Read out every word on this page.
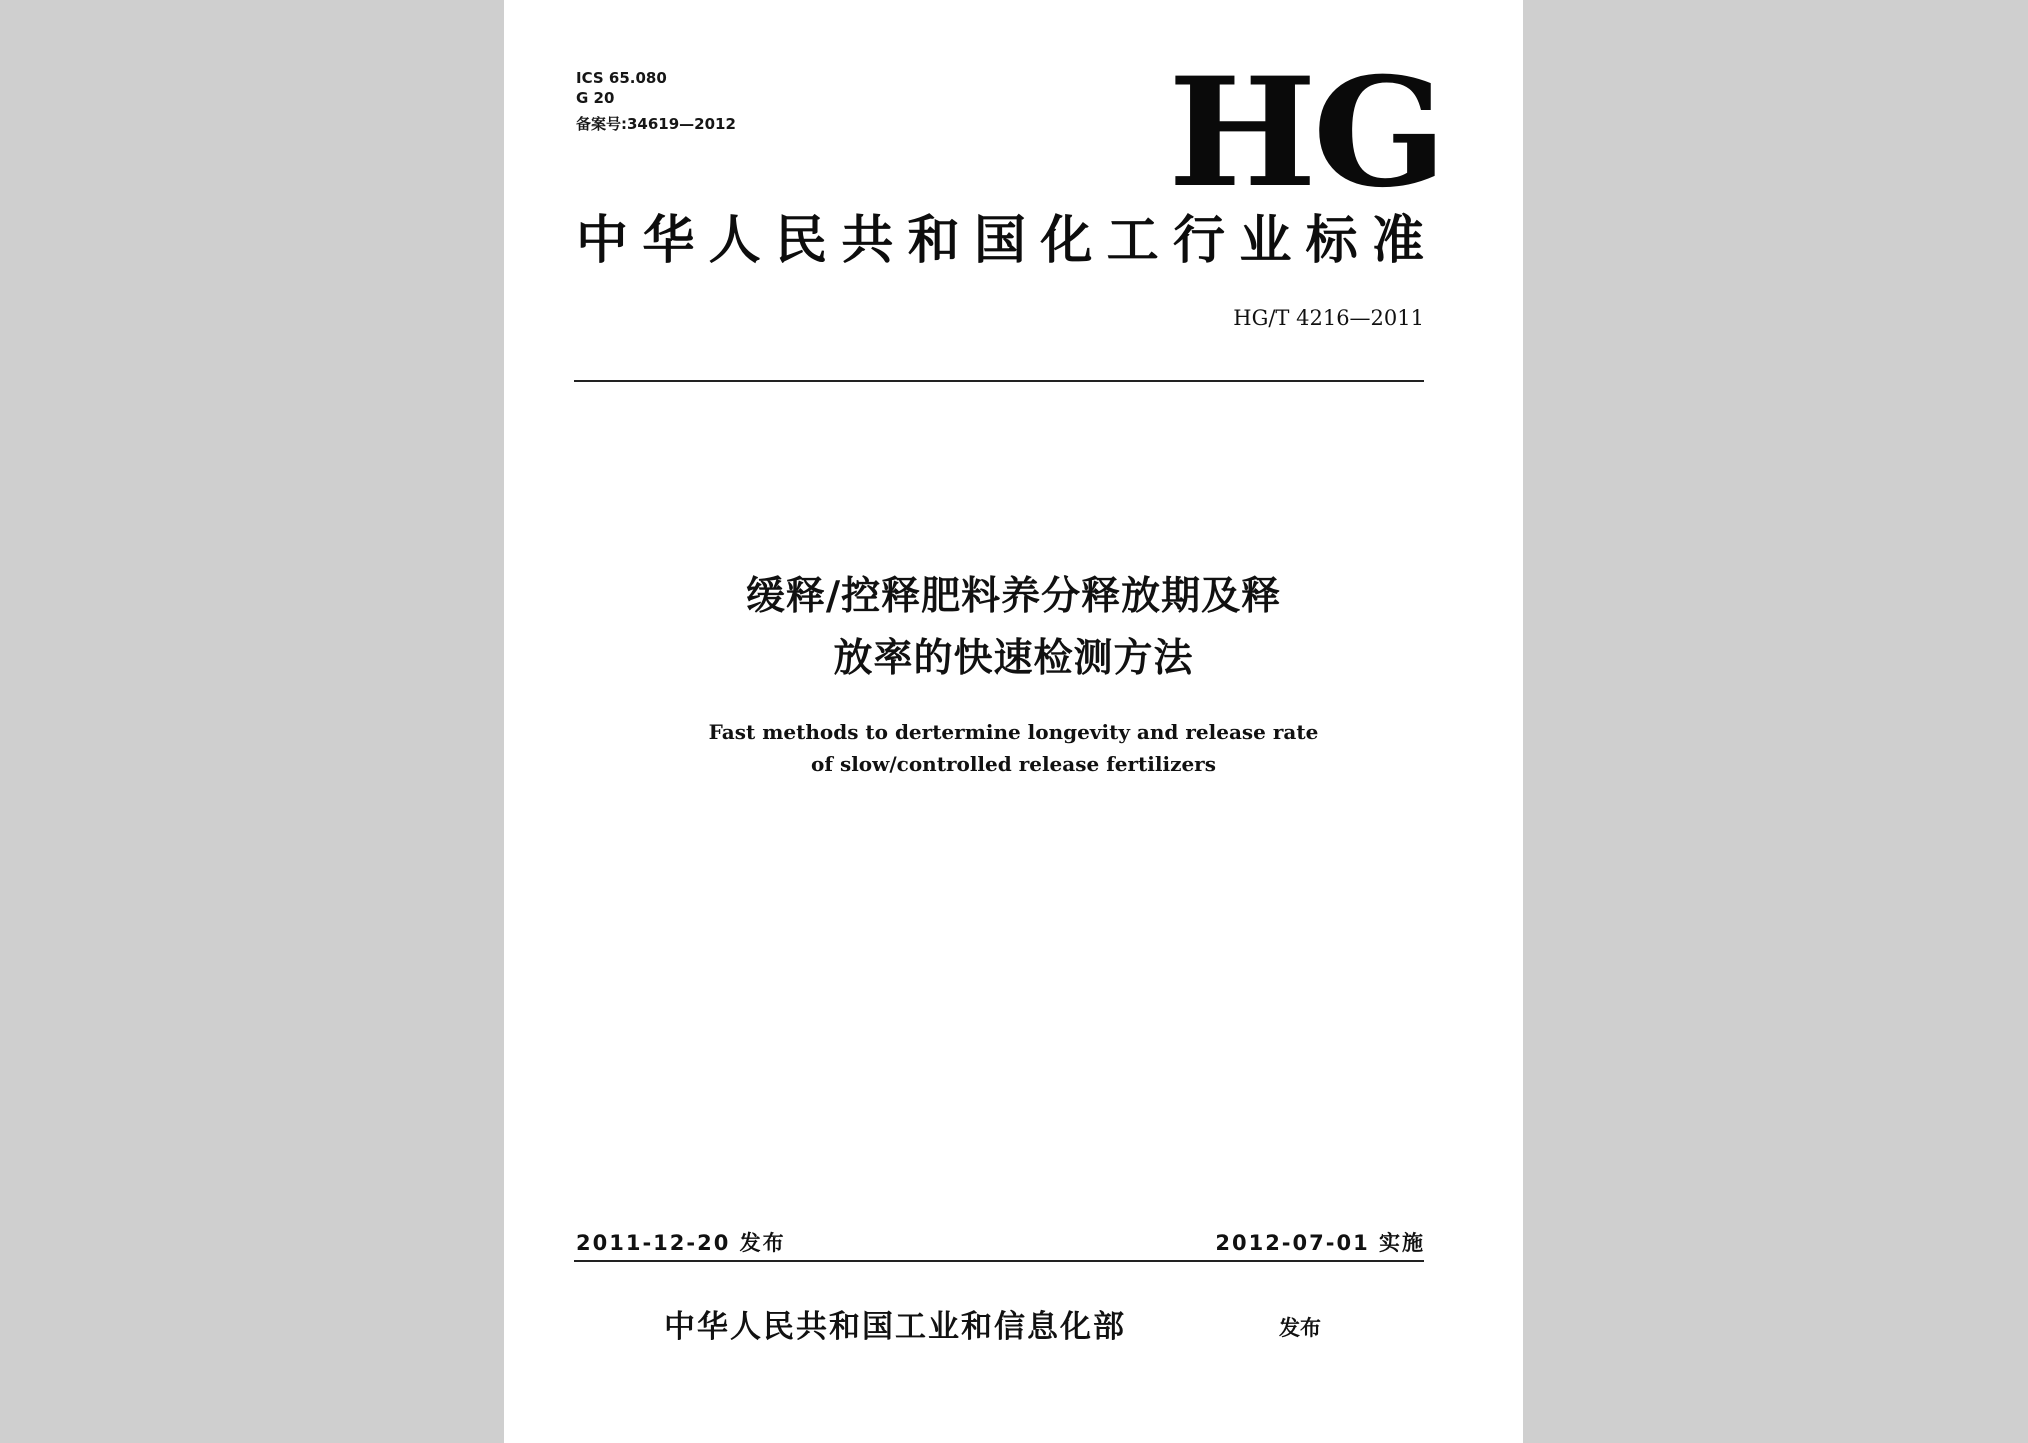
ICS 65.080
G 20
备案号:34619—2012	HG
中华人民共和国化工行业标准
HG/T 4216—2011
缓释/控释肥料养分释放期及释
放率的快速检测方法
Fast methods to dertermine longevity and release rate
of slow/controlled release fertilizers
2011-12-20 发布	2012-07-01 实施
中华人民共和国工业和信息化部	发布
